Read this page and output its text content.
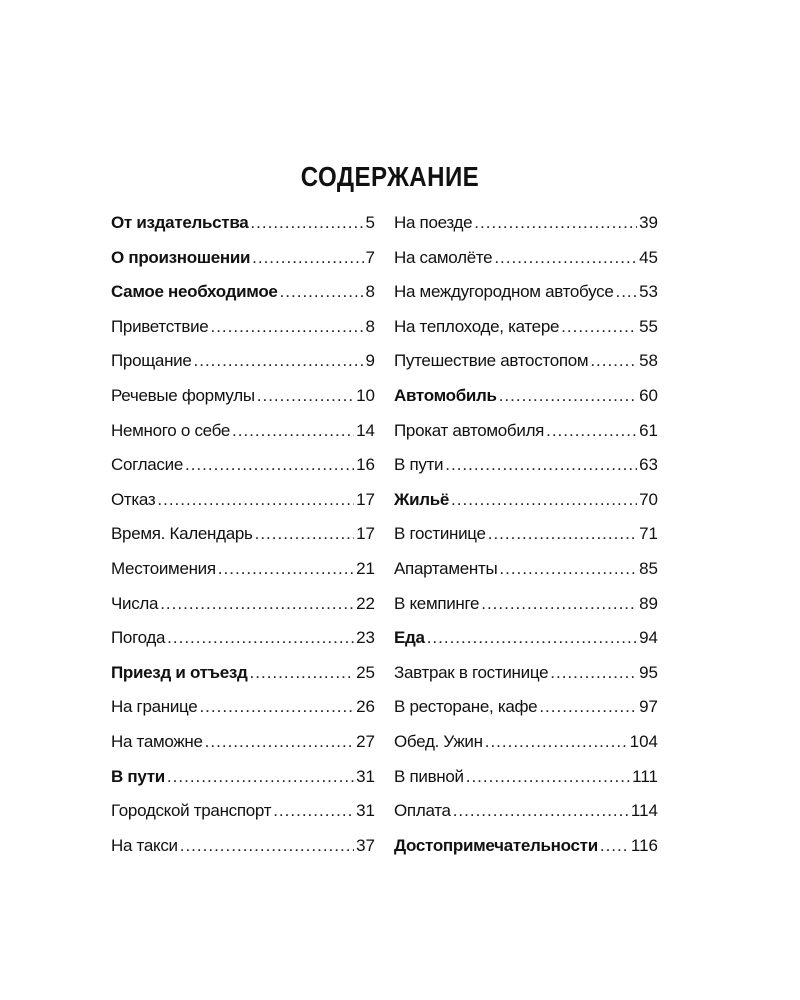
СОДЕРЖАНИЕ
От издательства .....	5
О произношении .....	7
Самое необходимое .....	8
Приветствие .....	8
Прощание .....	9
Речевые формулы .....	10
Немного о себе .....	14
Согласие .....	16
Отказ .....	17
Время. Календарь .....	17
Местоимения .....	21
Числа .....	22
Погода .....	23
Приезд и отъезд .....	25
На границе .....	26
На таможне .....	27
В пути .....	31
Городской транспорт .....	31
На такси .....	37
На поезде .....	39
На самолёте .....	45
На междугородном автобусе ..... 53
На теплоходе, катере .....	55
Путешествие автостопом .....	58
Автомобиль .....	60
Прокат автомобиля .....	61
В пути .....	63
Жильё .....	70
В гостинице .....	71
Апартаменты .....	85
В кемпинге .....	89
Еда .....	94
Завтрак в гостинице .....	95
В ресторане, кафе .....	97
Обед. Ужин .....	104
В пивной .....	111
Оплата .....	114
Достопримечательности ..... 116
